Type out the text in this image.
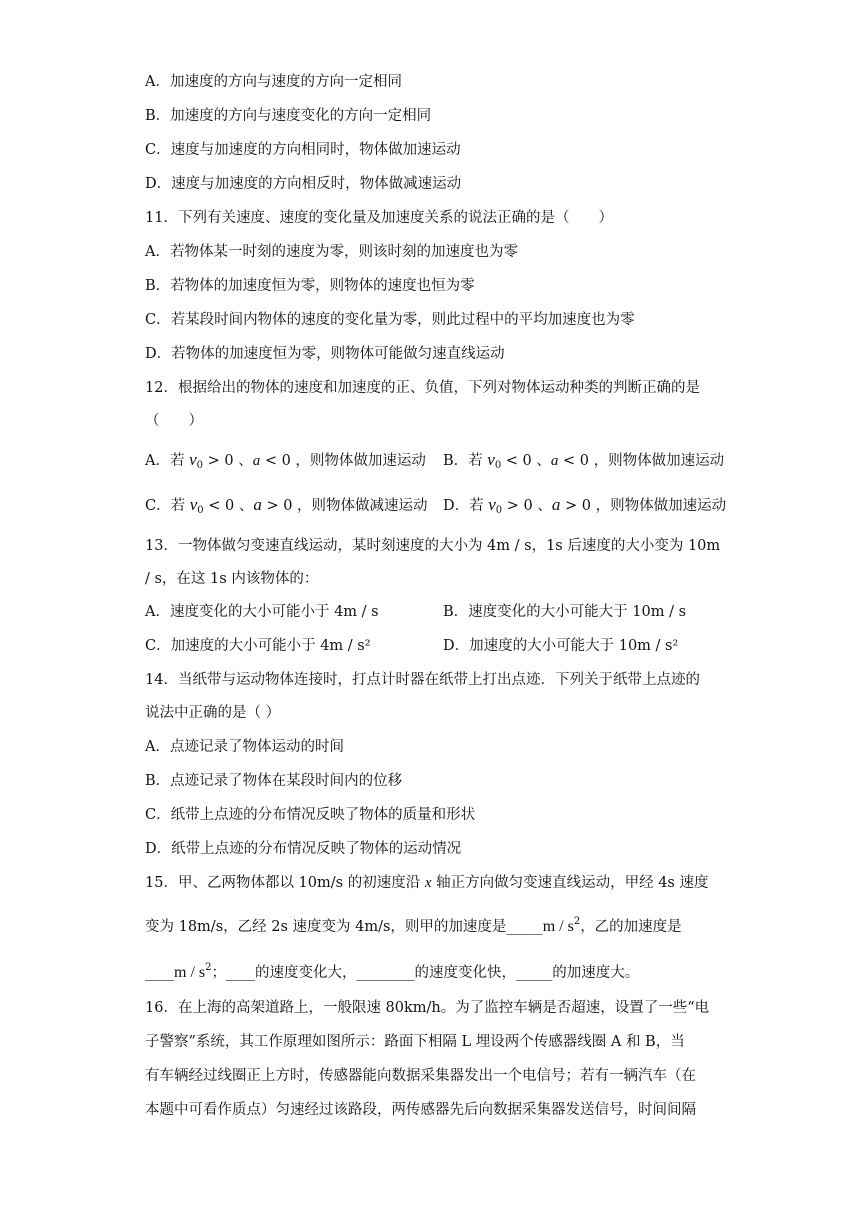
A．加速度的方向与速度的方向一定相同
B．加速度的方向与速度变化的方向一定相同
C．速度与加速度的方向相同时，物体做加速运动
D．速度与加速度的方向相反时，物体做减速运动
11．下列有关速度、速度的变化量及加速度关系的说法正确的是（　　）
A．若物体某一时刻的速度为零，则该时刻的加速度也为零
B．若物体的加速度恒为零，则物体的速度也恒为零
C．若某段时间内物体的速度的变化量为零，则此过程中的平均加速度也为零
D．若物体的加速度恒为零，则物体可能做匀速直线运动
12．根据给出的物体的速度和加速度的正、负值，下列对物体运动种类的判断正确的是
（　　）
A．若 $v_0 > 0$ 、a < 0 ，则物体做加速运动 B．若 $v_0 < 0$ 、a < 0 ，则物体做加速运动
C．若 $v_0 < 0$ 、a > 0 ，则物体做减速运动 D．若 $v_0 > 0$ 、a > 0 ，则物体做加速运动
13．一物体做匀变速直线运动，某时刻速度的大小为 4m / s，1s 后速度的大小变为 10m
/ s，在这 1s 内该物体的：
A．速度变化的大小可能小于 4m / s	B．速度变化的大小可能大于 10m / s
C．加速度的大小可能小于 4m / s²	D．加速度的大小可能大于 10m / s²
14．当纸带与运动物体连接时，打点计时器在纸带上打出点迹．下列关于纸带上点迹的
说法中正确的是（ ）
A．点迹记录了物体运动的时间
B．点迹记录了物体在某段时间内的位移
C．纸带上点迹的分布情况反映了物体的质量和形状
D．纸带上点迹的分布情况反映了物体的运动情况
15．甲、乙两物体都以 10m/s 的初速度沿 x 轴正方向做匀变速直线运动，甲经 4s 速度
变为 18m/s，乙经 2s 速度变为 4m/s，则甲的加速度是_____m / $s^2$，乙的加速度是
____m / $s^2$；____的速度变化大，________的速度变化快，_____的加速度大。
16．在上海的高架道路上，一般限速 80km/h。为了监控车辆是否超速，设置了一些“电
子警察”系统，其工作原理如图所示：路面下相隔 L 埋设两个传感器线圈 A 和 B，当
有车辆经过线圈正上方时，传感器能向数据采集器发出一个电信号；若有一辆汽车（在
本题中可看作质点）匀速经过该路段，两传感器先后向数据采集器发送信号，时间间隔
